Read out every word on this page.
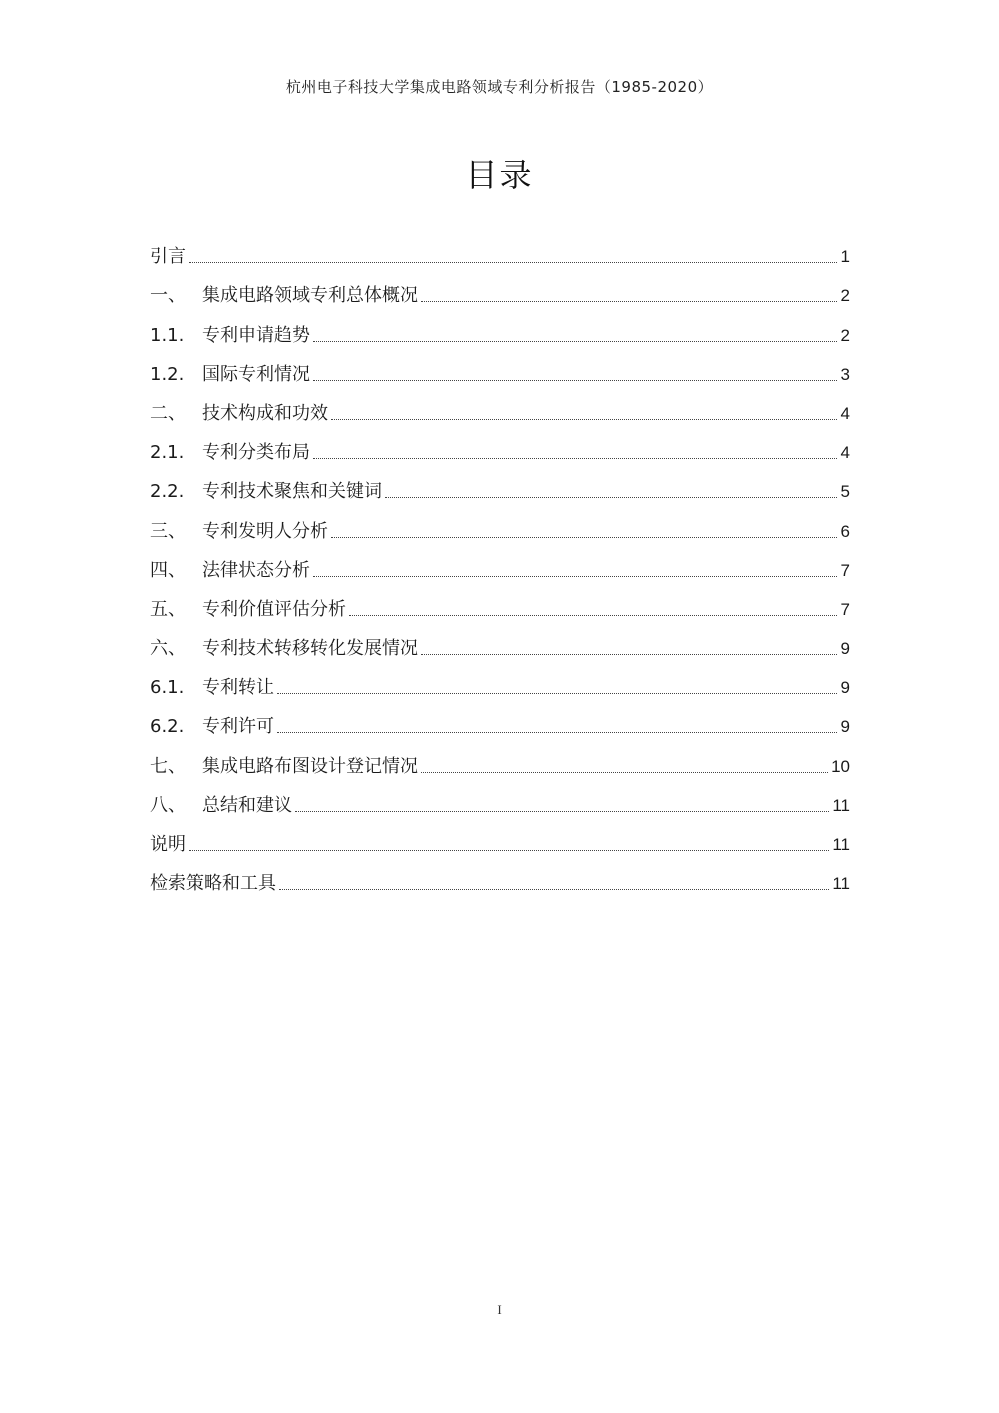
杭州电子科技大学集成电路领域专利分析报告（1985-2020）
目录
引言	1
一、 集成电路领域专利总体概况	2
1.1. 专利申请趋势	2
1.2. 国际专利情况	3
二、 技术构成和功效	4
2.1. 专利分类布局	4
2.2. 专利技术聚焦和关键词	5
三、 专利发明人分析	6
四、 法律状态分析	7
五、 专利价值评估分析	7
六、 专利技术转移转化发展情况	9
6.1. 专利转让	9
6.2. 专利许可	9
七、 集成电路布图设计登记情况	10
八、 总结和建议	11
说明	11
检索策略和工具	11
I
